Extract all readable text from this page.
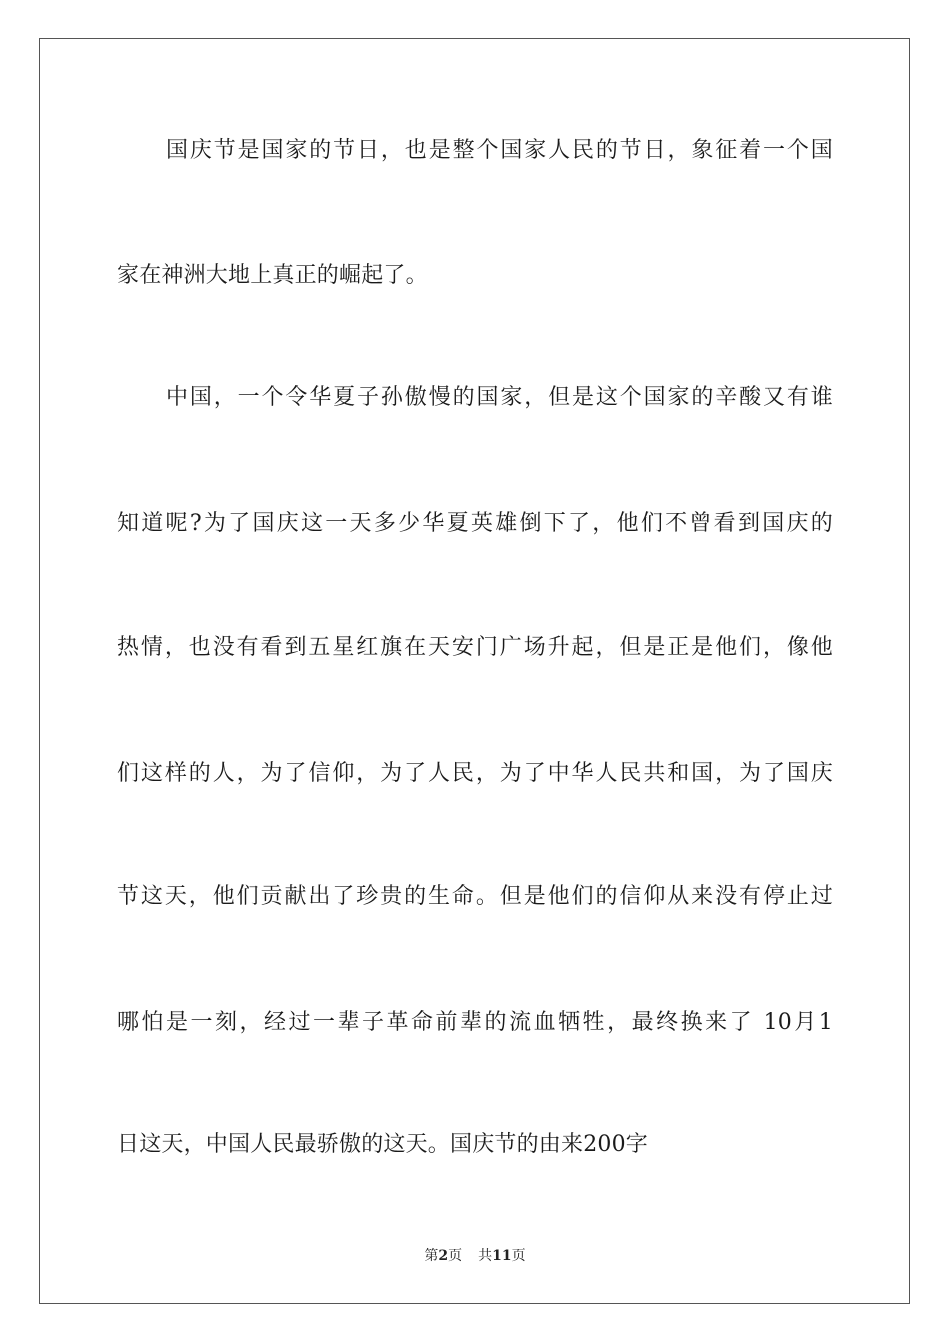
国庆节是国家的节日，也是整个国家人民的节日，象征着一个国
家在神洲大地上真正的崛起了。
中国，一个令华夏子孙傲慢的国家，但是这个国家的辛酸又有谁
知道呢?为了国庆这一天多少华夏英雄倒下了，他们不曾看到国庆的
热情，也没有看到五星红旗在天安门广场升起，但是正是他们，像他
们这样的人，为了信仰，为了人民，为了中华人民共和国，为了国庆
节这天，他们贡献出了珍贵的生命。但是他们的信仰从来没有停止过
哪怕是一刻，经过一辈子革命前辈的流血牺牲，最终换来了 10月1
日这天，中国人民最骄傲的这天。国庆节的由来200字
第2页 共11页
